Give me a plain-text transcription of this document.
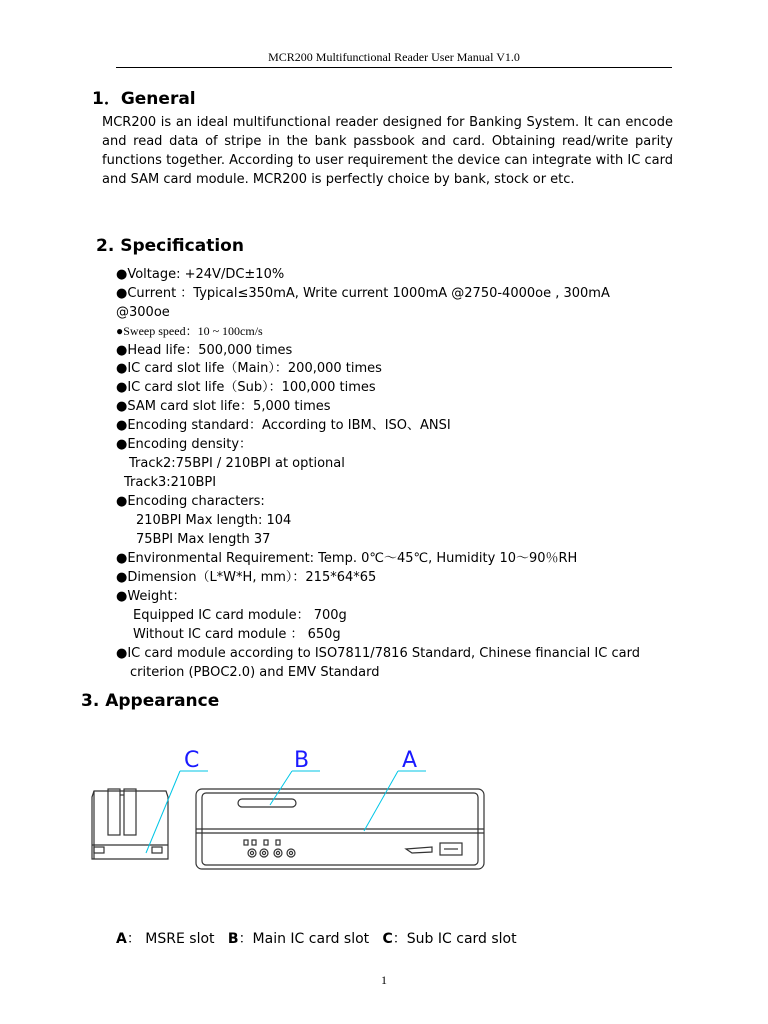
MCR200 Multifunctional Reader User Manual V1.0
1．General
MCR200 is an ideal multifunctional reader designed for Banking System. It can encode and read data of stripe in the bank passbook and card. Obtaining read/write parity functions together. According to user requirement the device can integrate with IC card and SAM card module. MCR200 is perfectly choice by bank, stock or etc.
2. Specification
●Voltage: +24V/DC±10%
●Current ：Typical≤350mA, Write current 1000mA @2750-4000oe , 300mA
@300oe
●Sweep speed：10 ~ 100cm/s
●Head life：500,000 times
●IC card slot life（Main）：200,000 times
●IC card slot life（Sub）：100,000 times
●SAM card slot life：5,000 times
●Encoding standard：According to IBM、ISO、ANSI
●Encoding density：
Track2:75BPI / 210BPI at optional
Track3:210BPI
●Encoding characters:
210BPI Max length: 104
75BPI Max length 37
●Environmental Requirement: Temp. 0℃～45℃, Humidity 10～90％RH
●Dimension（L*W*H, mm）：215*64*65
●Weight：
Equipped IC card module： 700g
Without IC card module ： 650g
●IC card module according to ISO7811/7816 Standard, Chinese financial IC card
criterion (PBOC2.0) and EMV Standard
3. Appearance
C	B	A
A： MSRE slot B：Main IC card slot C：Sub IC card slot
1
